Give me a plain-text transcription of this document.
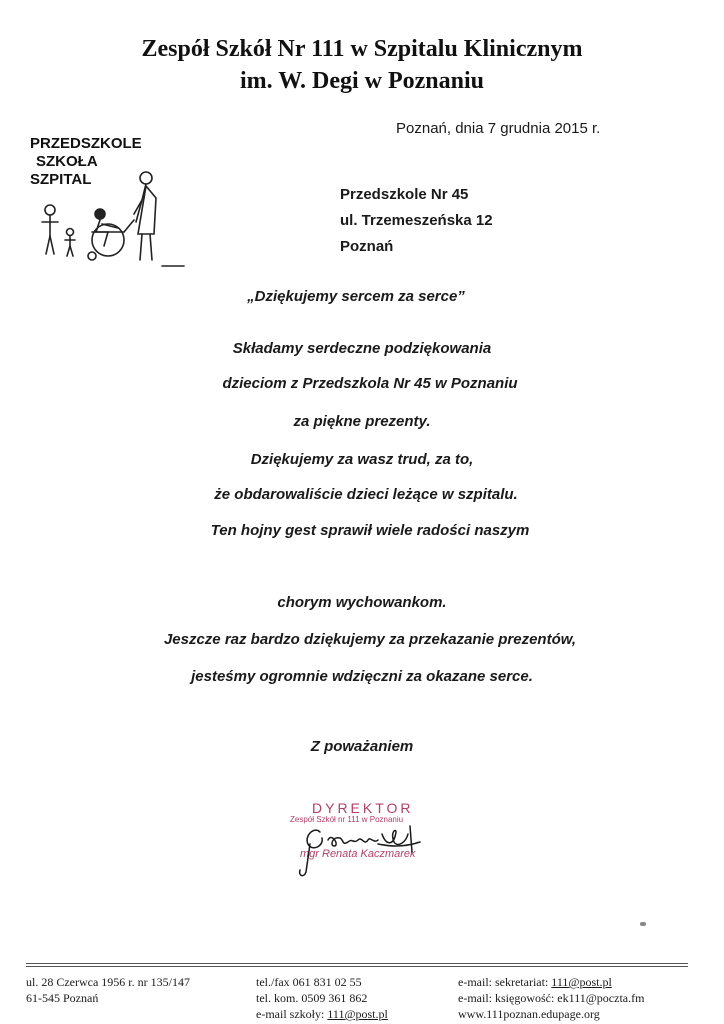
Zespół Szkół Nr 111 w Szpitalu Klinicznym
im. W. Degi w Poznaniu
PRZEDSZKOLE
SZKOŁA
SZPITAL
Poznań, dnia 7 grudnia 2015 r.
Przedszkole Nr 45
ul. Trzemeszeńska 12
Poznań
„Dziękujemy sercem za serce”
Składamy serdeczne podziękowania
dzieciom z Przedszkola Nr 45 w Poznaniu
za piękne prezenty.
Dziękujemy za wasz trud, za to,
że obdarowaliście dzieci leżące w szpitalu.
Ten hojny gest sprawił wiele radości naszym
chorym wychowankom.
Jeszcze raz bardzo dziękujemy za przekazanie prezentów,
jesteśmy ogromnie wdzięczni za okazane serce.
Z poważaniem
DYREKTOR
Zespół Szkół nr 111 w Poznaniu
mgr Renata Kaczmarek
ul. 28 Czerwca 1956 r. nr 135/147
61-545 Poznań
tel./fax 061 831 02 55
tel. kom. 0509 361 862
e-mail szkoły: 111@post.pl
e-mail: sekretariat: 111@post.pl
e-mail: księgowość: ek111@poczta.fm
www.111poznan.edupage.org
